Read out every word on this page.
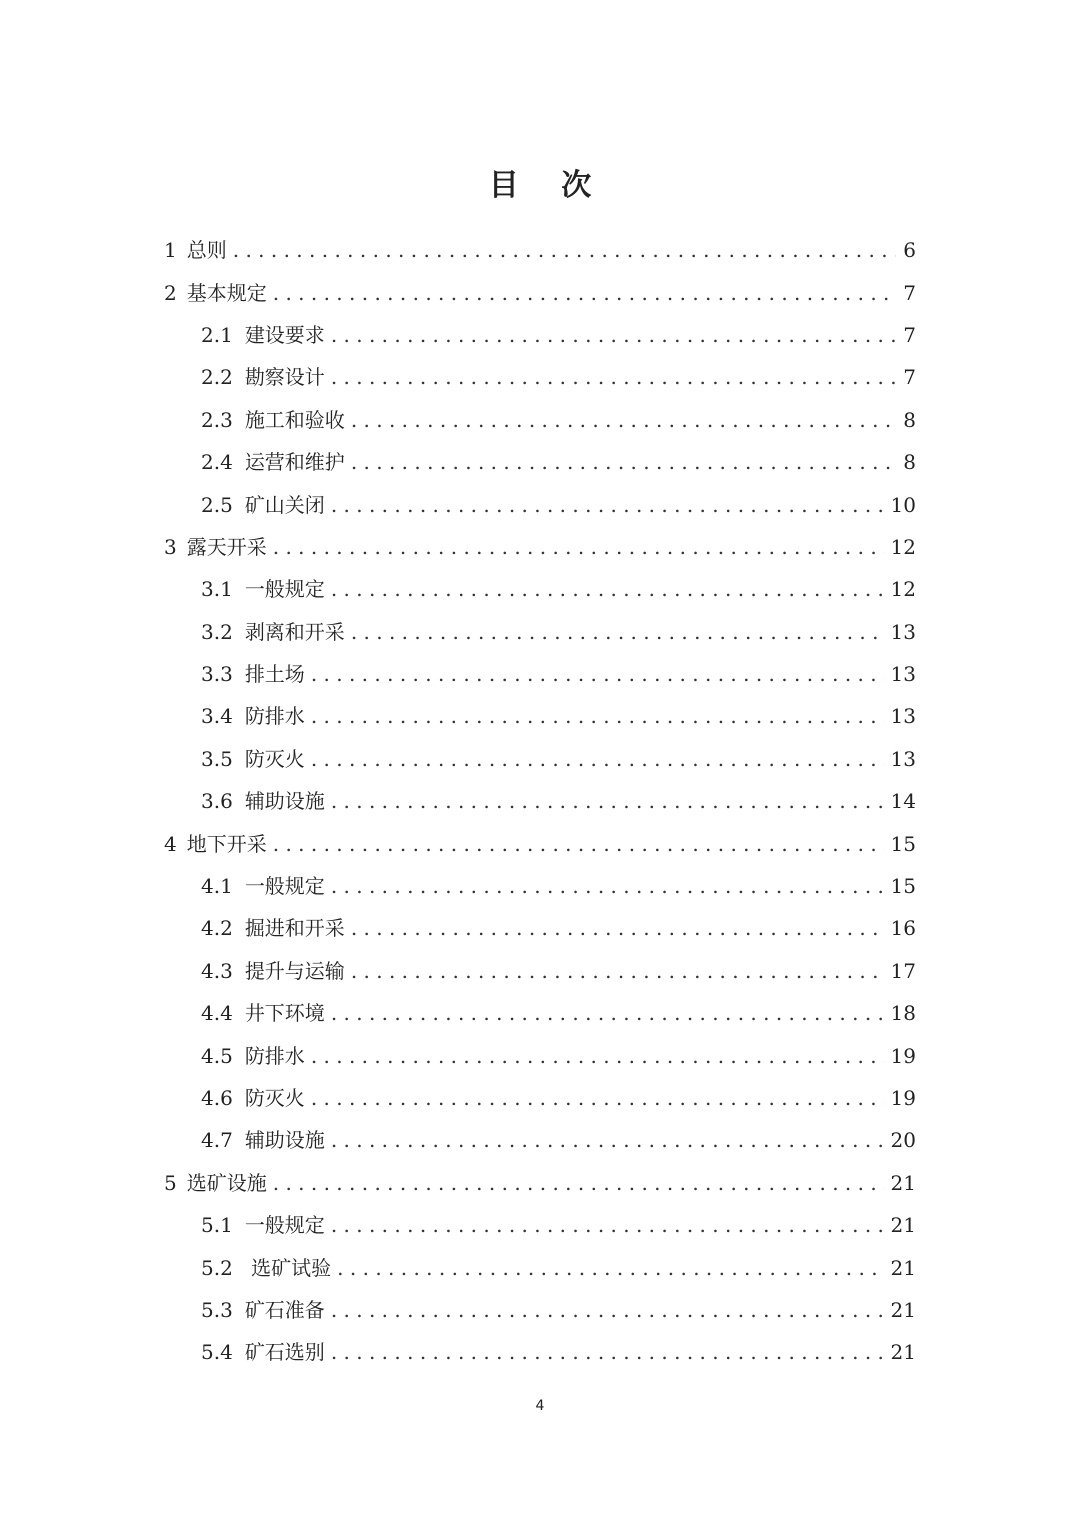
目 次
1 总则 . . .	6
2 基本规定 . . .	7
2.1 建设要求 . . .	7
2.2 勘察设计 . . .	7
2.3 施工和验收 . . .	8
2.4 运营和维护 . . .	8
2.5 矿山关闭 . . .	10
3 露天开采 . . .	12
3.1 一般规定 . . .	12
3.2 剥离和开采 . . .	13
3.3 排土场 . . .	13
3.4 防排水 . . .	13
3.5 防灭火 . . .	13
3.6 辅助设施 . . .	14
4 地下开采 . . .	15
4.1 一般规定 . . .	15
4.2 掘进和开采 . . .	16
4.3 提升与运输 . . .	17
4.4 井下环境 . . .	18
4.5 防排水 . . .	19
4.6 防灭火 . . .	19
4.7 辅助设施 . . .	20
5 选矿设施 . . .	21
5.1 一般规定 . . .	21
5.2 选矿试验 . . .	21
5.3 矿石准备 . . .	21
5.4 矿石选别 . . .	21
4
